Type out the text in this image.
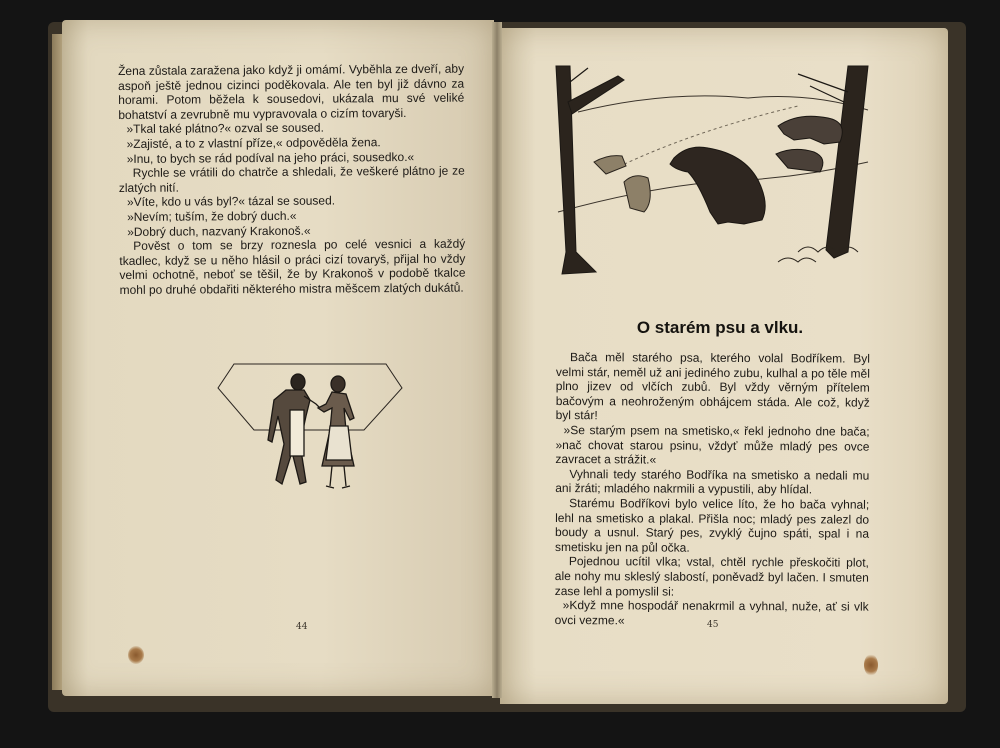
Žena zůstala zaražena jako když ji omámí. Vyběhla ze dveří, aby aspoň ještě jednou cizinci poděkovala. Ale ten byl již dávno za horami. Potom běžela k sousedovi, ukázala mu své veliké bohatství a zevrubně mu vypravovala o cizím tovaryši.

»Tkal také plátno?« ozval se soused.

»Zajisté, a to z vlastní příze,« odpověděla žena.

»Inu, to bych se rád podíval na jeho práci, sousedko.«

Rychle se vrátili do chatrče a shledali, že veškeré plátno je ze zlatých nití.

»Víte, kdo u vás byl?« tázal se soused.

»Nevím; tuším, že dobrý duch.«

»Dobrý duch, nazvaný Krakonoš.«

Pověst o tom se brzy roznesla po celé vesnici a každý tkadlec, když se u něho hlásil o práci cizí tovaryš, přijal ho vždy velmi ochotně, neboť se těšil, že by Krakonoš v podobě tkalce mohl po druhé obdařiti některého mistra měšcem zlatých dukátů.

44
O starém psu a vlku.

Bača měl starého psa, kterého volal Bodříkem. Byl velmi stár, neměl už ani jediného zubu, kulhal a po těle měl plno jizev od vlčích zubů. Byl vždy věrným přítelem bačovým a neohroženým obhájcem stáda. Ale což, když byl stár!

»Se starým psem na smetisko,« řekl jednoho dne bača; »nač chovat starou psinu, vždyť může mladý pes ovce zavracet a strážit.«

Vyhnali tedy starého Bodříka na smetisko a nedali mu ani žráti; mladého nakrmili a vypustili, aby hlídal.

Starému Bodříkovi bylo velice líto, že ho bača vyhnal; lehl na smetisko a plakal. Přišla noc; mladý pes zalezl do boudy a usnul. Starý pes, zvyklý čujno spáti, spal i na smetisku jen na půl očka.

Pojednou ucítil vlka; vstal, chtěl rychle přeskočiti plot, ale nohy mu skleslý slabostí, poněvadž byl lačen. I smuten zase lehl a pomyslil si:

»Když mne hospodář nenakrmil a vyhnal, nuže, ať si vlk ovci vezme.«	45
